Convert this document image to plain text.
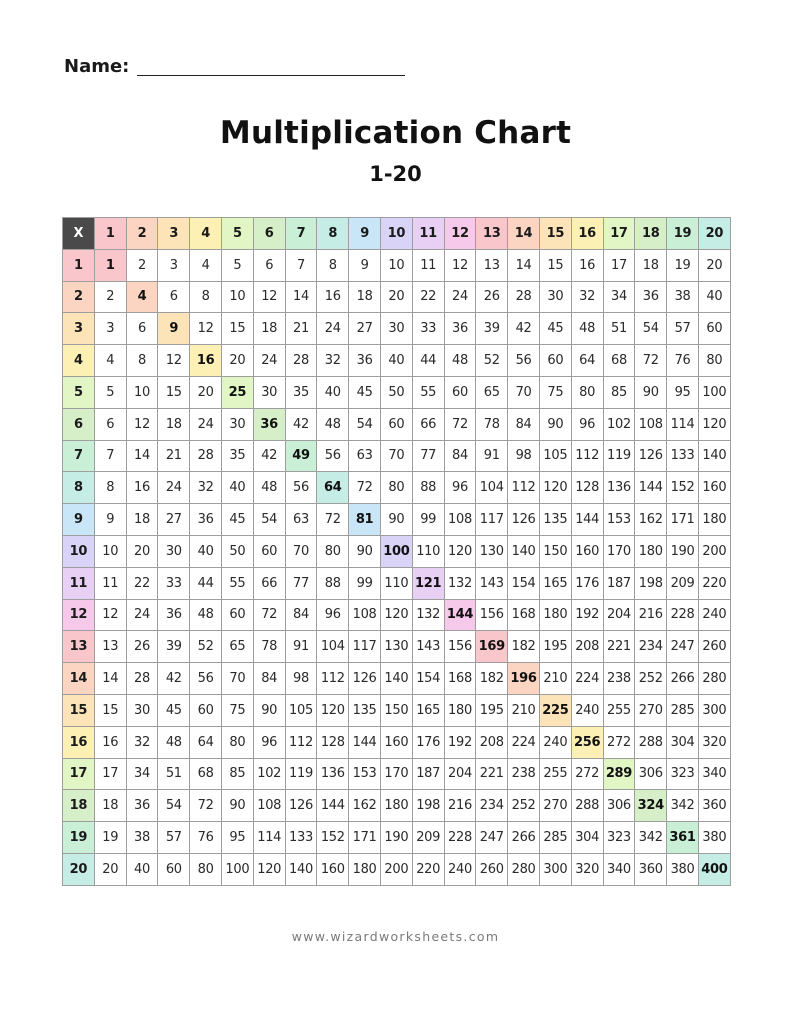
Name:
Multiplication Chart
1-20
X	1	2	3	4	5	6	7	8	9	10	11	12	13	14	15	16	17	18	19	20
1	1	2	3	4	5	6	7	8	9	10	11	12	13	14	15	16	17	18	19	20
2	2	4	6	8	10	12	14	16	18	20	22	24	26	28	30	32	34	36	38	40
3	3	6	9	12	15	18	21	24	27	30	33	36	39	42	45	48	51	54	57	60
4	4	8	12	16	20	24	28	32	36	40	44	48	52	56	60	64	68	72	76	80
5	5	10	15	20	25	30	35	40	45	50	55	60	65	70	75	80	85	90	95	100
6	6	12	18	24	30	36	42	48	54	60	66	72	78	84	90	96	102	108	114	120
7	7	14	21	28	35	42	49	56	63	70	77	84	91	98	105	112	119	126	133	140
8	8	16	24	32	40	48	56	64	72	80	88	96	104	112	120	128	136	144	152	160
9	9	18	27	36	45	54	63	72	81	90	99	108	117	126	135	144	153	162	171	180
10	10	20	30	40	50	60	70	80	90	100	110	120	130	140	150	160	170	180	190	200
11	11	22	33	44	55	66	77	88	99	110	121	132	143	154	165	176	187	198	209	220
12	12	24	36	48	60	72	84	96	108	120	132	144	156	168	180	192	204	216	228	240
13	13	26	39	52	65	78	91	104	117	130	143	156	169	182	195	208	221	234	247	260
14	14	28	42	56	70	84	98	112	126	140	154	168	182	196	210	224	238	252	266	280
15	15	30	45	60	75	90	105	120	135	150	165	180	195	210	225	240	255	270	285	300
16	16	32	48	64	80	96	112	128	144	160	176	192	208	224	240	256	272	288	304	320
17	17	34	51	68	85	102	119	136	153	170	187	204	221	238	255	272	289	306	323	340
18	18	36	54	72	90	108	126	144	162	180	198	216	234	252	270	288	306	324	342	360
19	19	38	57	76	95	114	133	152	171	190	209	228	247	266	285	304	323	342	361	380
20	20	40	60	80	100	120	140	160	180	200	220	240	260	280	300	320	340	360	380	400
www.wizardworksheets.com
